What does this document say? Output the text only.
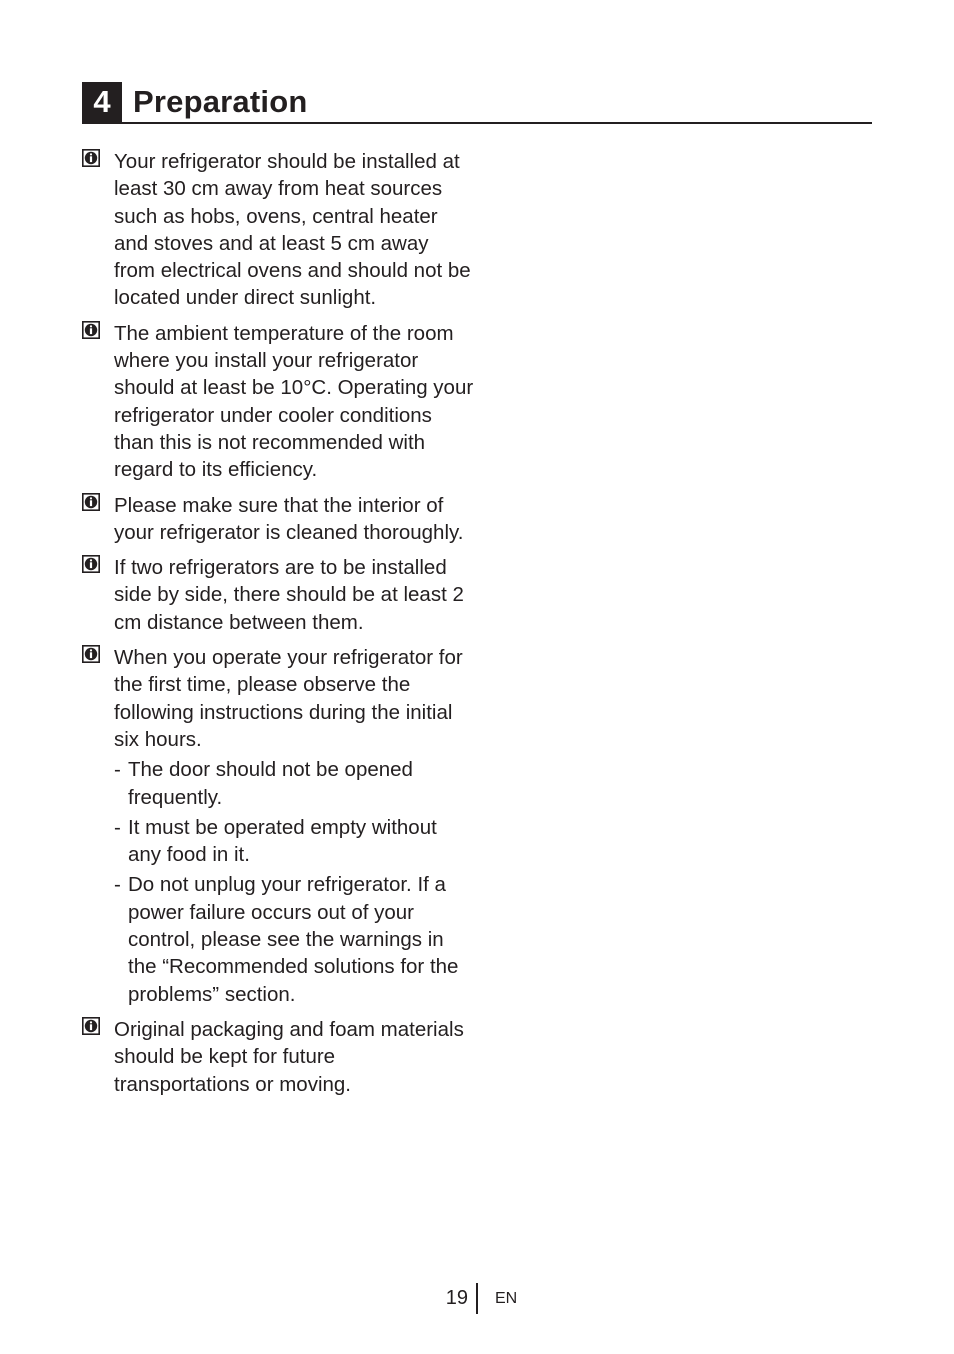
4 Preparation
Your refrigerator should be installed at least 30 cm away from heat sources such as hobs, ovens, central heater and stoves and at least 5 cm away from electrical ovens and should not be located under direct sunlight.
The ambient temperature of the room where you install your refrigerator should at least be 10°C. Operating your refrigerator under cooler conditions than this is not recommended with regard to its efficiency.
Please make sure that the interior of your refrigerator is cleaned thoroughly.
If two refrigerators are to be installed side by side, there should be at least 2 cm distance between them.
When you operate your refrigerator for the first time, please observe the following instructions during the initial six hours.
- The door should not be opened frequently.
- It must be operated empty without any food in it.
- Do not unplug your refrigerator. If a power failure occurs out of your control, please see the warnings in the “Recommended solutions for the problems” section.
Original packaging and foam materials should be kept for future transportations or moving.
19 EN
